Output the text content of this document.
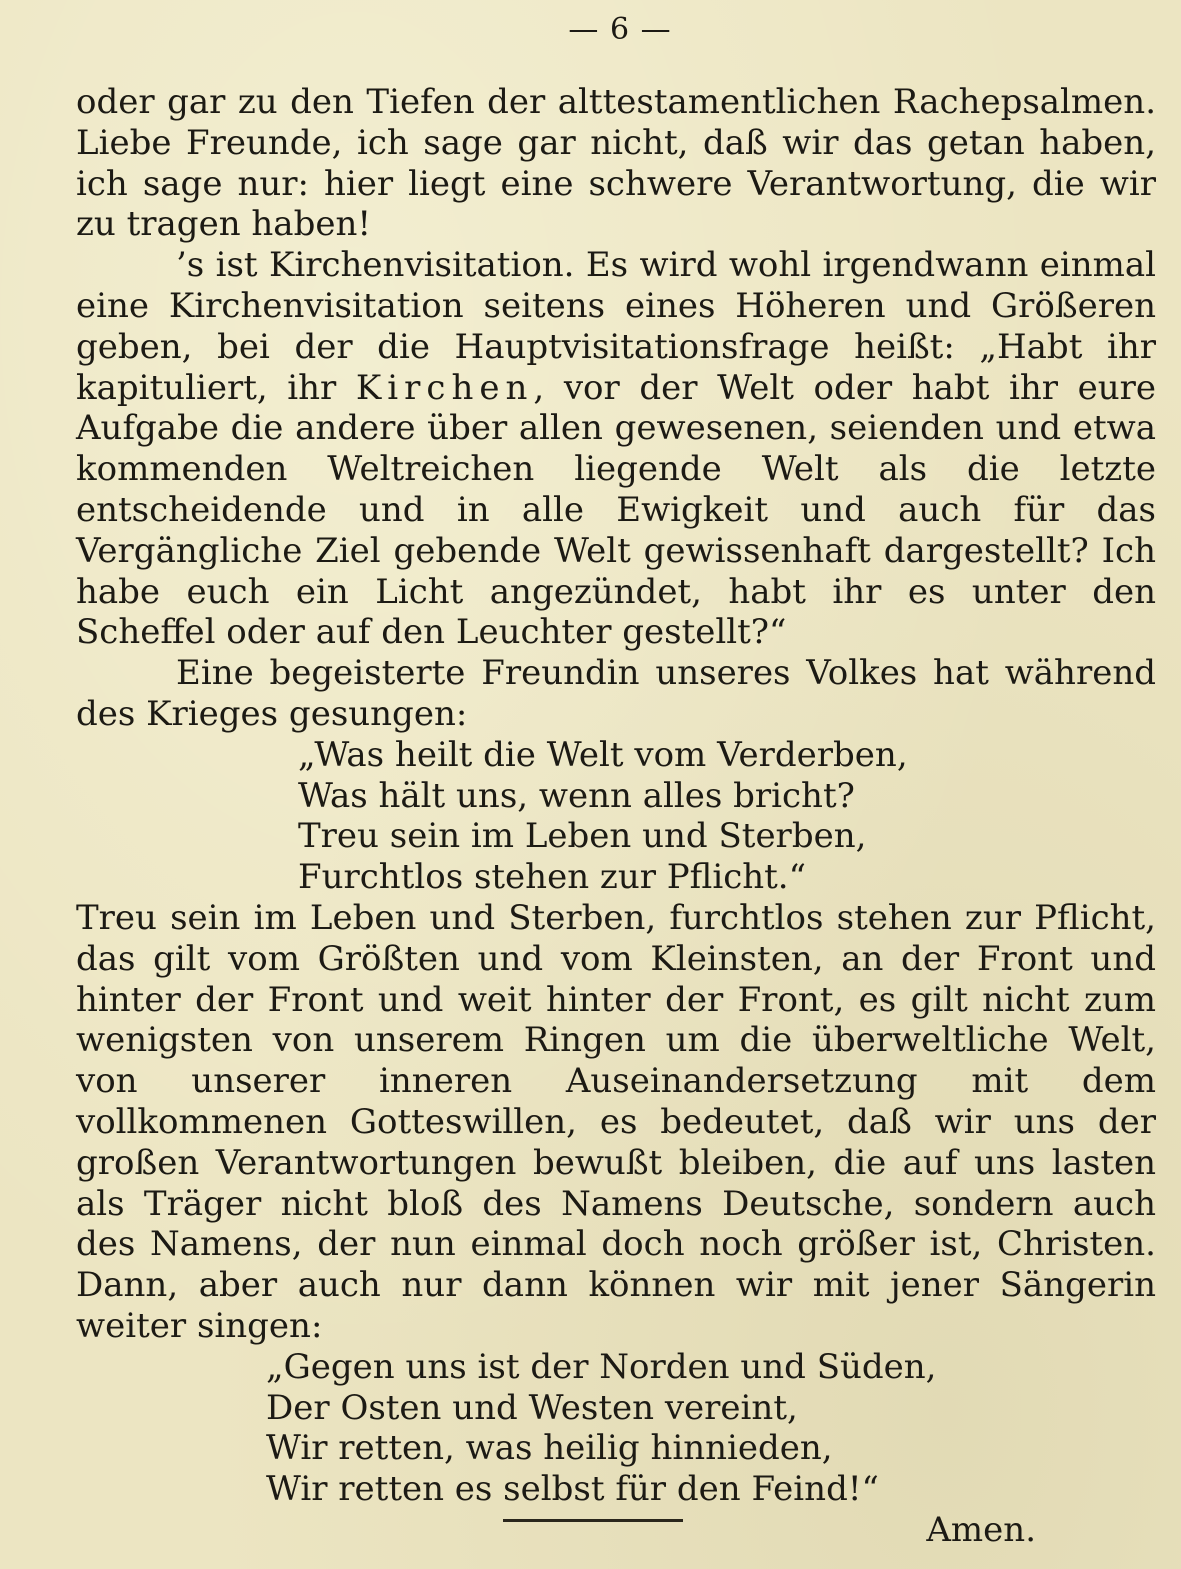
— 6 —

oder gar zu den Tiefen der alttestamentlichen Rachepsalmen. Liebe Freunde, ich sage gar nicht, daß wir das getan haben, ich sage nur: hier liegt eine schwere Verantwortung, die wir zu tragen haben!

’s ist Kirchenvisitation. Es wird wohl irgendwann einmal eine Kirchenvisitation seitens eines Höheren und Größeren geben, bei der die Hauptvisitationsfrage heißt: „Habt ihr kapituliert, ihr Kirchen, vor der Welt oder habt ihr eure Aufgabe die andere über allen gewesenen, seienden und etwa kommenden Weltreichen liegende Welt als die letzte entscheidende und in alle Ewigkeit und auch für das Vergängliche Ziel gebende Welt gewissenhaft dargestellt? Ich habe euch ein Licht angezündet, habt ihr es unter den Scheffel oder auf den Leuchter gestellt?“

Eine begeisterte Freundin unseres Volkes hat während des Krieges gesungen:

„Was heilt die Welt vom Verderben,
Was hält uns, wenn alles bricht?
Treu sein im Leben und Sterben,
Furchtlos stehen zur Pflicht.“

Treu sein im Leben und Sterben, furchtlos stehen zur Pflicht, das gilt vom Größten und vom Kleinsten, an der Front und hinter der Front und weit hinter der Front, es gilt nicht zum wenigsten von unserem Ringen um die überweltliche Welt, von unserer inneren Auseinandersetzung mit dem vollkommenen Gotteswillen, es bedeutet, daß wir uns der großen Verantwortungen bewußt bleiben, die auf uns lasten als Träger nicht bloß des Namens Deutsche, sondern auch des Namens, der nun einmal doch noch größer ist, Christen. Dann, aber auch nur dann können wir mit jener Sängerin weiter singen:

„Gegen uns ist der Norden und Süden,
Der Osten und Westen vereint,
Wir retten, was heilig hinnieden,
Wir retten es selbst für den Feind!“

Amen.
